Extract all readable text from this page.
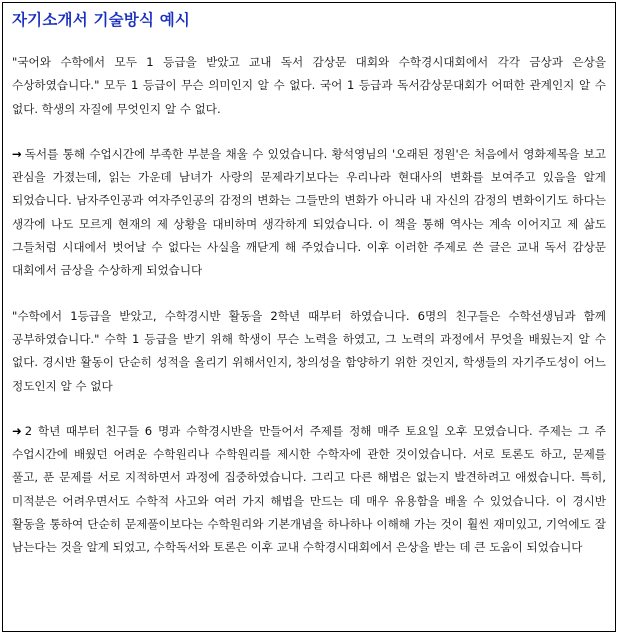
자기소개서 기술방식 예시

"국어와 수학에서 모두 1 등급을 받았고 교내 독서 감상문 대회와 수학경시대회에서 각각 금상과 은상을 수상하였습니다." 모두 1 등급이 무슨 의미인지 알 수 없다. 국어 1 등급과 독서감상문대회가 어떠한 관계인지 알 수 없다. 학생의 자질에 무엇인지 알 수 없다.

→ 독서를 통해 수업시간에 부족한 부분을 채울 수 있었습니다. 황석영님의 '오래된 정원'은 처음에서 영화제목을 보고 관심을 가졌는데, 읽는 가운데 남녀가 사랑의 문제라기보다는 우리나라 현대사의 변화를 보여주고 있음을 알게 되었습니다. 남자주인공과 여자주인공의 감정의 변화는 그들만의 변화가 아니라 내 자신의 감정의 변화이기도 하다는 생각에 나도 모르게 현재의 제 상황을 대비하며 생각하게 되었습니다. 이 책을 통해 역사는 계속 이어지고 제 삶도 그들처럼 시대에서 벗어날 수 없다는 사실을 깨닫게 해 주었습니다. 이후 이러한 주제로 쓴 글은 교내 독서 감상문 대회에서 금상을 수상하게 되었습니다

"수학에서 1등급을 받았고, 수학경시반 활동을 2학년 때부터 하였습니다. 6명의 친구들은 수학선생님과 함께 공부하였습니다." 수학 1 등급을 받기 위해 학생이 무슨 노력을 하였고, 그 노력의 과정에서 무엇을 배웠는지 알 수 없다. 경시반 활동이 단순히 성적을 올리기 위해서인지, 창의성을 함양하기 위한 것인지, 학생들의 자기주도성이 어느 정도인지 알 수 없다

➜ 2 학년 때부터 친구들 6 명과 수학경시반을 만들어서 주제를 정해 매주 토요일 오후 모였습니다. 주제는 그 주 수업시간에 배웠던 어려운 수학원리나 수학원리를 제시한 수학자에 관한 것이었습니다. 서로 토론도 하고, 문제를 풀고, 푼 문제를 서로 지적하면서 과정에 집중하였습니다. 그리고 다른 해법은 없는지 발견하려고 애썼습니다. 특히, 미적분은 어려우면서도 수학적 사고와 여러 가지 해법을 만드는 데 매우 유용함을 배울 수 있었습니다. 이 경시반 활동을 통하여 단순히 문제풀이보다는 수학원리와 기본개념을 하나하나 이해해 가는 것이 훨씬 재미있고, 기억에도 잘 남는다는 것을 알게 되었고, 수학독서와 토론은 이후 교내 수학경시대회에서 은상을 받는 데 큰 도움이 되었습니다
